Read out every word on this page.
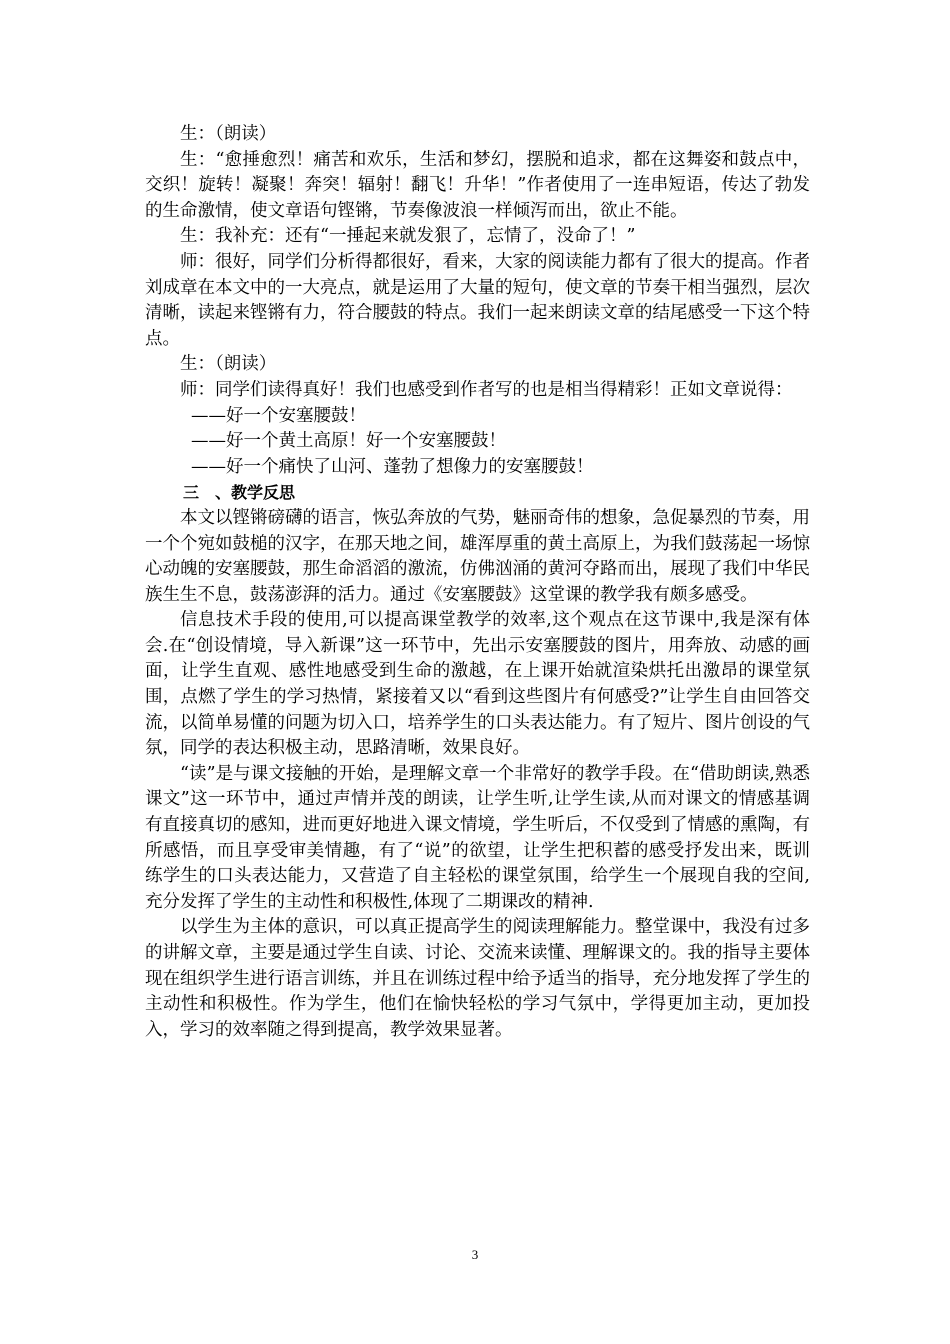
生：（朗读）

生：“愈捶愈烈！痛苦和欢乐，生活和梦幻，摆脱和追求，都在这舞姿和鼓点中，交织！旋转！凝聚！奔突！辐射！翻飞！升华！”作者使用了一连串短语，传达了勃发的生命激情，使文章语句铿锵，节奏像波浪一样倾泻而出，欲止不能。

生：我补充：还有“一捶起来就发狠了，忘情了，没命了！”

师：很好，同学们分析得都很好，看来，大家的阅读能力都有了很大的提高。作者刘成章在本文中的一大亮点，就是运用了大量的短句，使文章的节奏干相当强烈，层次清晰，读起来铿锵有力，符合腰鼓的特点。我们一起来朗读文章的结尾感受一下这个特点。

生：（朗读）

师：同学们读得真好！我们也感受到作者写的也是相当得精彩！正如文章说得：

——好一个安塞腰鼓！

——好一个黄土高原！好一个安塞腰鼓！

——好一个痛快了山河、蓬勃了想像力的安塞腰鼓！

三　、教学反思

本文以铿锵磅礴的语言，恢弘奔放的气势，魅丽奇伟的想象，急促暴烈的节奏，用一个个宛如鼓槌的汉字，在那天地之间，雄浑厚重的黄土高原上，为我们鼓荡起一场惊心动魄的安塞腰鼓，那生命滔滔的激流，仿佛汹涌的黄河夺路而出，展现了我们中华民族生生不息，鼓荡澎湃的活力。通过《安塞腰鼓》这堂课的教学我有颇多感受。

信息技术手段的使用,可以提高课堂教学的效率,这个观点在这节课中,我是深有体会.在“创设情境，导入新课”这一环节中，先出示安塞腰鼓的图片，用奔放、动感的画面，让学生直观、感性地感受到生命的激越，在上课开始就渲染烘托出激昂的课堂氛围，点燃了学生的学习热情，紧接着又以“看到这些图片有何感受?”让学生自由回答交流，以简单易懂的问题为切入口，培养学生的口头表达能力。有了短片、图片创设的气氛，同学的表达积极主动，思路清晰，效果良好。

“读”是与课文接触的开始，是理解文章一个非常好的教学手段。在“借助朗读,熟悉课文”这一环节中，通过声情并茂的朗读，让学生听,让学生读,从而对课文的情感基调有直接真切的感知，进而更好地进入课文情境，学生听后，不仅受到了情感的熏陶，有所感悟，而且享受审美情趣，有了“说”的欲望，让学生把积蓄的感受抒发出来，既训练学生的口头表达能力，又营造了自主轻松的课堂氛围，给学生一个展现自我的空间,充分发挥了学生的主动性和积极性,体现了二期课改的精神.

以学生为主体的意识，可以真正提高学生的阅读理解能力。整堂课中，我没有过多的讲解文章，主要是通过学生自读、讨论、交流来读懂、理解课文的。我的指导主要体现在组织学生进行语言训练，并且在训练过程中给予适当的指导，充分地发挥了学生的主动性和积极性。作为学生，他们在愉快轻松的学习气氛中，学得更加主动，更加投入，学习的效率随之得到提高，教学效果显著。

3
